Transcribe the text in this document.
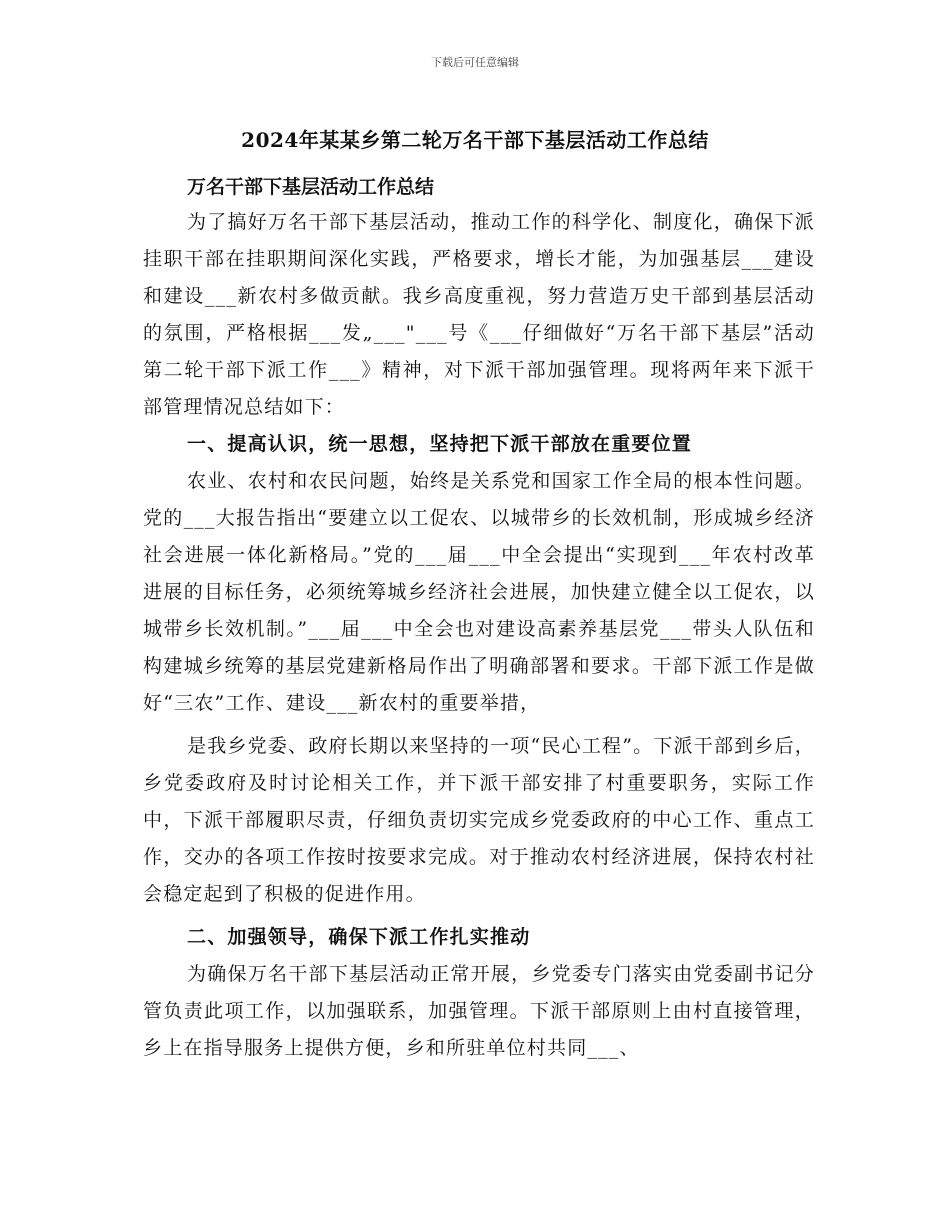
下载后可任意编辑
2024年某某乡第二轮万名干部下基层活动工作总结

万名干部下基层活动工作总结

为了搞好万名干部下基层活动，推动工作的科学化、制度化，确保下派挂职干部在挂职期间深化实践，严格要求，增长才能，为加强基层___建设和建设___新农村多做贡献。我乡高度重视，努力营造万史干部到基层活动的氛围，严格根据___发„___"___号《___仔细做好“万名干部下基层”活动第二轮干部下派工作___》精神，对下派干部加强管理。现将两年来下派干部管理情况总结如下：

一、提高认识，统一思想，坚持把下派干部放在重要位置

农业、农村和农民问题，始终是关系党和国家工作全局的根本性问题。党的___大报告指出“要建立以工促农、以城带乡的长效机制，形成城乡经济社会进展一体化新格局。”党的___届___中全会提出“实现到___年农村改革进展的目标任务，必须统筹城乡经济社会进展，加快建立健全以工促农，以城带乡长效机制。”___届___中全会也对建设高素养基层党___带头人队伍和构建城乡统筹的基层党建新格局作出了明确部署和要求。干部下派工作是做好“三农”工作、建设___新农村的重要举措，

是我乡党委、政府长期以来坚持的一项“民心工程”。下派干部到乡后，乡党委政府及时讨论相关工作，并下派干部安排了村重要职务，实际工作中，下派干部履职尽责，仔细负责切实完成乡党委政府的中心工作、重点工作，交办的各项工作按时按要求完成。对于推动农村经济进展，保持农村社会稳定起到了积极的促进作用。

二、加强领导，确保下派工作扎实推动

为确保万名干部下基层活动正常开展，乡党委专门落实由党委副书记分管负责此项工作，以加强联系，加强管理。下派干部原则上由村直接管理，乡上在指导服务上提供方便，乡和所驻单位村共同___、
